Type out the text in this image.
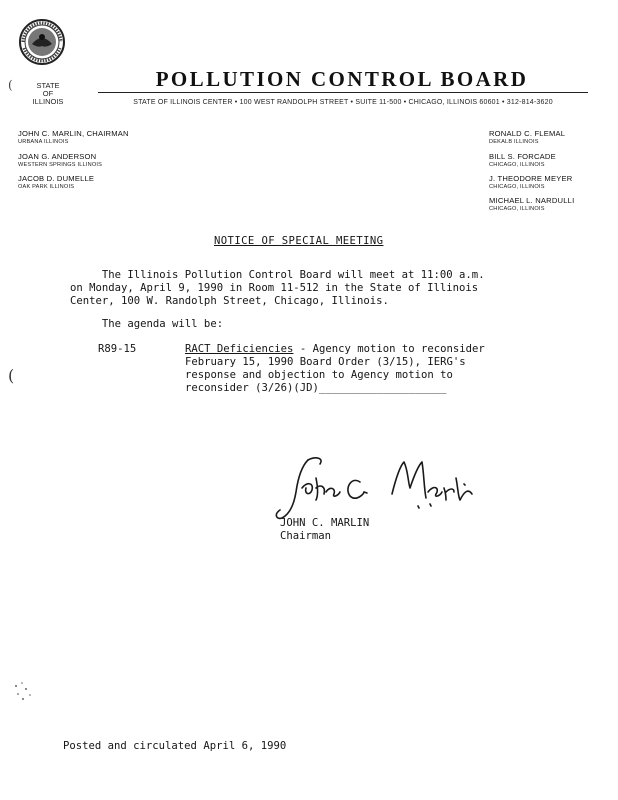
(	STATE
OF
ILLINOIS
POLLUTION CONTROL BOARD
STATE OF ILLINOIS CENTER • 100 WEST RANDOLPH STREET • SUITE 11-500 • CHICAGO, ILLINOIS 60601 • 312-814-3620
JOHN C. MARLIN, CHAIRMAN
URBANA ILLINOIS
JOAN G. ANDERSON
WESTERN SPRINGS ILLINOIS
JACOB D. DUMELLE
OAK PARK ILLINOIS
RONALD C. FLEMAL
DEKALB ILLINOIS
BILL S. FORCADE
CHICAGO, ILLINOIS
J. THEODORE MEYER
CHICAGO, ILLINOIS
MICHAEL L. NARDULLI
CHICAGO, ILLINOIS
NOTICE OF SPECIAL MEETING
The Illinois Pollution Control Board will meet at 11:00 a.m.
on Monday, April 9, 1990 in Room 11-512 in the State of Illinois
Center, 100 W. Randolph Street, Chicago, Illinois.
The agenda will be:
R89-15	RACT Deficiencies - Agency motion to reconsider
February 15, 1990 Board Order (3/15), IERG's
response and objection to Agency motion to
reconsider (3/26)(JD)____________________
(
JOHN C. MARLIN
Chairman
Posted and circulated April 6, 1990
